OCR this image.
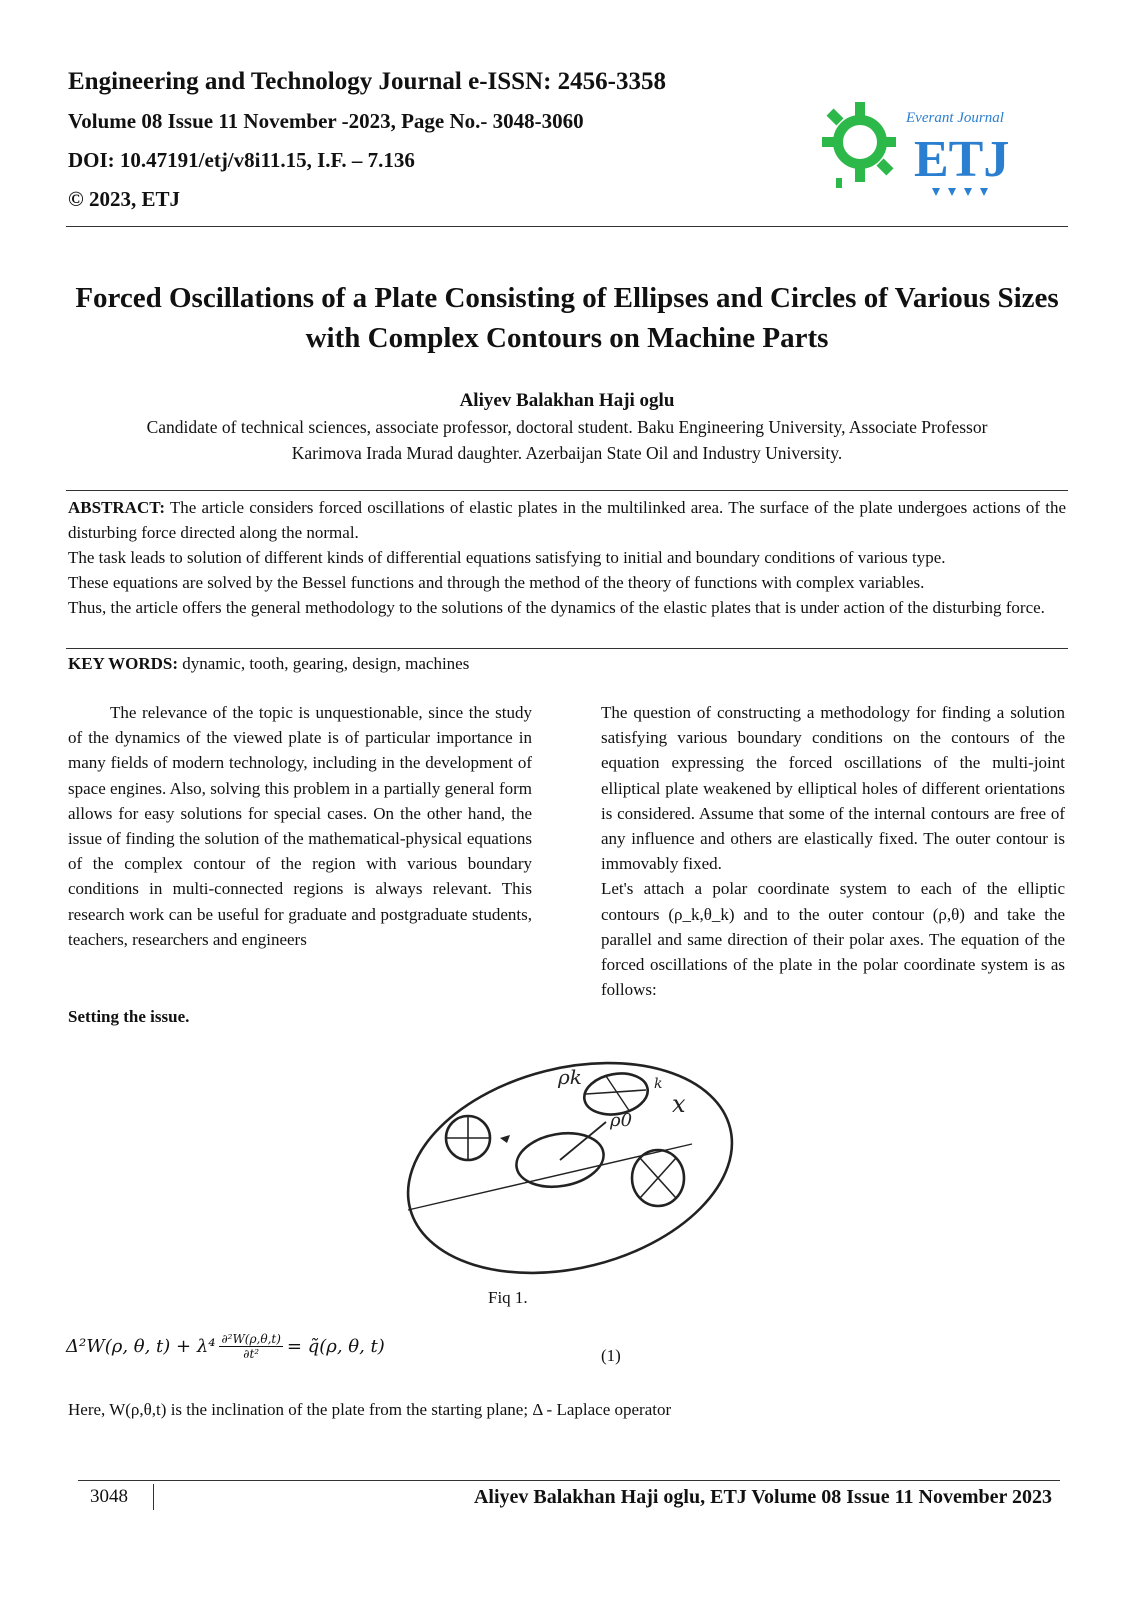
Engineering and Technology Journal e-ISSN: 2456-3358
Volume 08 Issue 11 November -2023, Page No.- 3048-3060
DOI: 10.47191/etj/v8i11.15, I.F. – 7.136
© 2023, ETJ
Everant Journal
ETJ
Forced Oscillations of a Plate Consisting of Ellipses and Circles of Various Sizes with Complex Contours on Machine Parts
Aliyev Balakhan Haji oglu
Candidate of technical sciences, associate professor, doctoral student. Baku Engineering University, Associate Professor
Karimova Irada Murad daughter. Azerbaijan State Oil and Industry University.

ABSTRACT: The article considers forced oscillations of elastic plates in the multilinked area. The surface of the plate undergoes actions of the disturbing force directed along the normal.

The task leads to solution of different kinds of differential equations satisfying to initial and boundary conditions of various type.

These equations are solved by the Bessel functions and through the method of the theory of functions with complex variables.

Thus, the article offers the general methodology to the solutions of the dynamics of the elastic plates that is under action of the disturbing force.

KEY WORDS: dynamic, tooth, gearing, design, machines

The relevance of the topic is unquestionable, since the study of the dynamics of the viewed plate is of particular importance in many fields of modern technology, including in the development of space engines. Also, solving this problem in a partially general form allows for easy solutions for special cases. On the other hand, the issue of finding the solution of the mathematical-physical equations of the complex contour of the region with various boundary conditions in multi-connected regions is always relevant. This research work can be useful for graduate and postgraduate students, teachers, researchers and engineers

The question of constructing a methodology for finding a solution satisfying various boundary conditions on the contours of the equation expressing the forced oscillations of the multi-joint elliptical plate weakened by elliptical holes of different orientations is considered. Assume that some of the internal contours are free of any influence and others are elastically fixed. The outer contour is immovably fixed.

Let's attach a polar coordinate system to each of the elliptic contours (ρ_k,θ_k) and to the outer contour (ρ,θ) and take the parallel and same direction of their polar axes. The equation of the forced oscillations of the plate in the polar coordinate system is as follows:

Setting the issue.
ρk	k
ρ0
x
Fiq 1.
Δ²W(ρ, θ, $t) + \lambda^4 \frac{\text{∂²W(ρ,θ,t)}}{\text{∂t²}}$ = q̃(ρ, θ, t)	(1)
Here, W(ρ,θ,t) is the inclination of the plate from the starting plane; Δ - Laplace operator
3048	Aliyev Balakhan Haji oglu, ETJ Volume 08 Issue 11 November 2023
